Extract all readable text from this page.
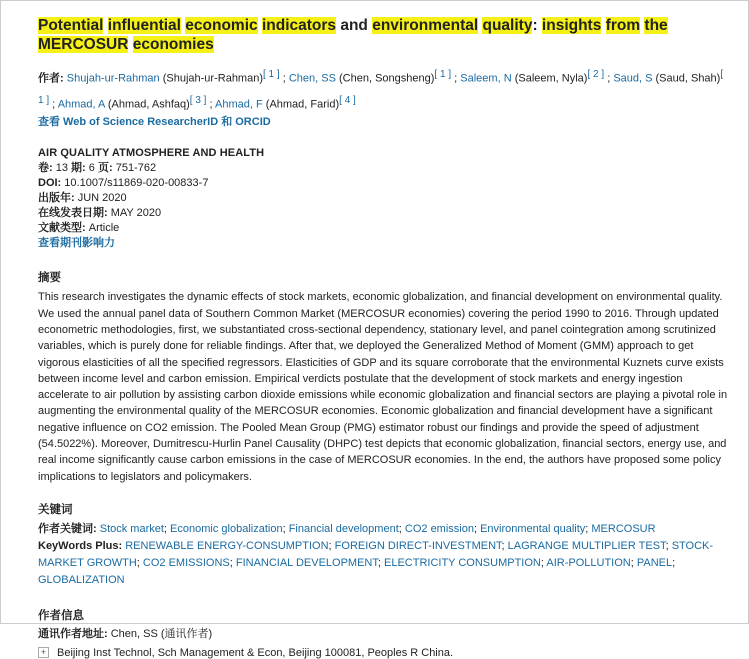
Potential influential economic indicators and environmental quality: insights from the MERCOSUR economies
作者: Shujah-ur-Rahman (Shujah-ur-Rahman)[ 1 ] ; Chen, SS (Chen, Songsheng)[ 1 ] ; Saleem, N (Saleem, Nyla)[ 2 ] ; Saud, S (Saud, Shah)[ 1 ] ; Ahmad, A (Ahmad, Ashfaq)[ 3 ] ; Ahmad, F (Ahmad, Farid)[ 4 ]
查看 Web of Science ResearcherID 和 ORCID
AIR QUALITY ATMOSPHERE AND HEALTH
卷: 13 期: 6 页: 751-762
DOI: 10.1007/s11869-020-00833-7
出版年: JUN 2020
在线发表日期: MAY 2020
文献类型: Article
查看期刊影响力
摘要
This research investigates the dynamic effects of stock markets, economic globalization, and financial development on environmental quality. We used the annual panel data of Southern Common Market (MERCOSUR economies) covering the period 1990 to 2016. Through updated econometric methodologies, first, we substantiated cross-sectional dependency, stationary level, and panel cointegration among scrutinized variables, which is purely done for reliable findings. After that, we deployed the Generalized Method of Moment (GMM) approach to get vigorous elasticities of all the specified regressors. Elasticities of GDP and its square corroborate that the environmental Kuznets curve exists between income level and carbon emission. Empirical verdicts postulate that the development of stock markets and energy ingestion accelerate to air pollution by assisting carbon dioxide emissions while economic globalization and financial sectors are playing a pivotal role in augmenting the environmental quality of the MERCOSUR economies. Economic globalization and financial development have a significant negative influence on CO2 emission. The Pooled Mean Group (PMG) estimator robust our findings and provide the speed of adjustment (54.5022%). Moreover, Dumitrescu-Hurlin Panel Causality (DHPC) test depicts that economic globalization, financial sectors, energy use, and real income significantly cause carbon emissions in the case of MERCOSUR economies. In the end, the authors have proposed some policy implications to legislators and policymakers.
关键词
作者关键词: Stock market; Economic globalization; Financial development; CO2 emission; Environmental quality; MERCOSUR
KeyWords Plus: RENEWABLE ENERGY-CONSUMPTION; FOREIGN DIRECT-INVESTMENT; LAGRANGE MULTIPLIER TEST; STOCK-MARKET GROWTH; CO2 EMISSIONS; FINANCIAL DEVELOPMENT; ELECTRICITY CONSUMPTION; AIR-POLLUTION; PANEL; GLOBALIZATION
作者信息
通讯作者地址: Chen, SS (通讯作者)
+ Beijing Inst Technol, Sch Management & Econ, Beijing 100081, Peoples R China.
